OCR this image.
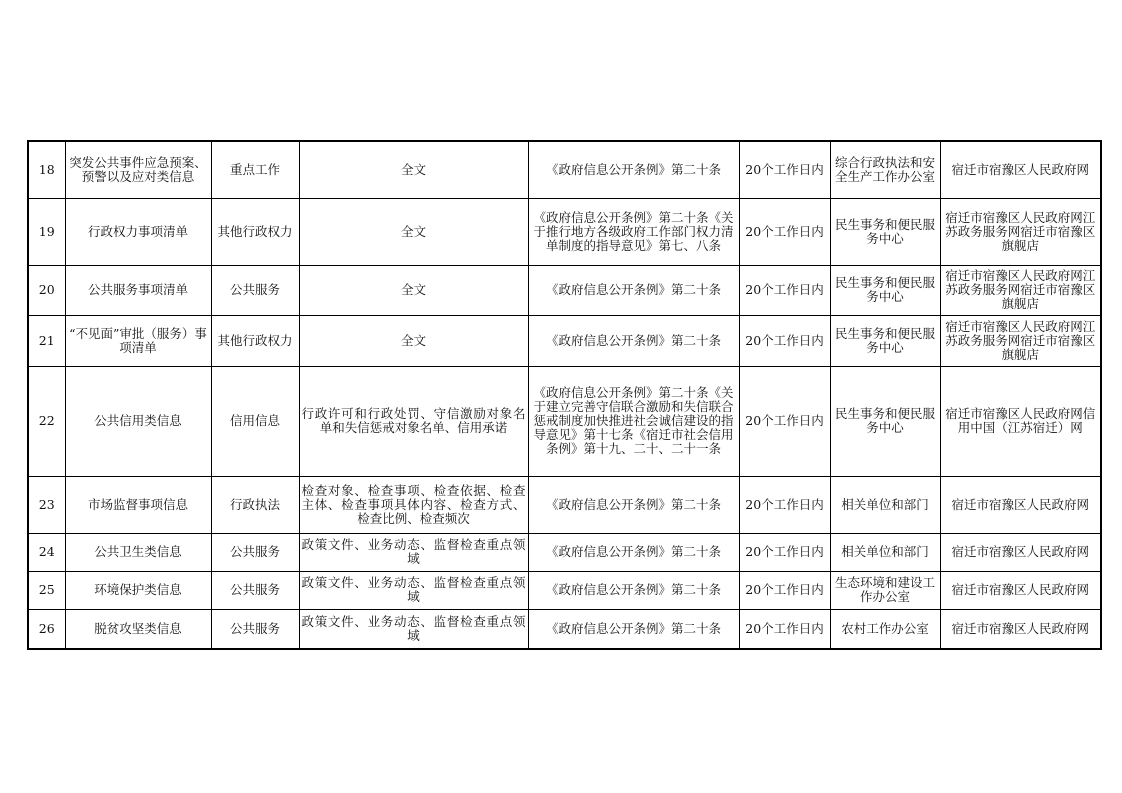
18	突发公共事件应急预案、预警以及应对类信息	重点工作	全文	《政府信息公开条例》第二十条	20个工作日内	综合行政执法和安全生产工作办公室	宿迁市宿豫区人民政府网
19	行政权力事项清单	其他行政权力	全文	《政府信息公开条例》第二十条《关于推行地方各级政府工作部门权力清单制度的指导意见》第七、八条	20个工作日内	民生事务和便民服务中心	宿迁市宿豫区人民政府网江苏政务服务网宿迁市宿豫区旗舰店
20	公共服务事项清单	公共服务	全文	《政府信息公开条例》第二十条	20个工作日内	民生事务和便民服务中心	宿迁市宿豫区人民政府网江苏政务服务网宿迁市宿豫区旗舰店
21	“不见面”审批（服务）事项清单	其他行政权力	全文	《政府信息公开条例》第二十条	20个工作日内	民生事务和便民服务中心	宿迁市宿豫区人民政府网江苏政务服务网宿迁市宿豫区旗舰店
22	公共信用类信息	信用信息	行政许可和行政处罚、守信激励对象名单和失信惩戒对象名单、信用承诺	《政府信息公开条例》第二十条《关于建立完善守信联合激励和失信联合惩戒制度加快推进社会诚信建设的指导意见》第十七条《宿迁市社会信用条例》第十九、二十、二十一条	20个工作日内	民生事务和便民服务中心	宿迁市宿豫区人民政府网信用中国（江苏宿迁）网
23	市场监督事项信息	行政执法	检查对象、检查事项、检查依据、检查主体、检查事项具体内容、检查方式、检查比例、检查频次	《政府信息公开条例》第二十条	20个工作日内	相关单位和部门	宿迁市宿豫区人民政府网
24	公共卫生类信息	公共服务	政策文件、业务动态、监督检查重点领域	《政府信息公开条例》第二十条	20个工作日内	相关单位和部门	宿迁市宿豫区人民政府网
25	环境保护类信息	公共服务	政策文件、业务动态、监督检查重点领域	《政府信息公开条例》第二十条	20个工作日内	生态环境和建设工作办公室	宿迁市宿豫区人民政府网
26	脱贫攻坚类信息	公共服务	政策文件、业务动态、监督检查重点领域	《政府信息公开条例》第二十条	20个工作日内	农村工作办公室	宿迁市宿豫区人民政府网
